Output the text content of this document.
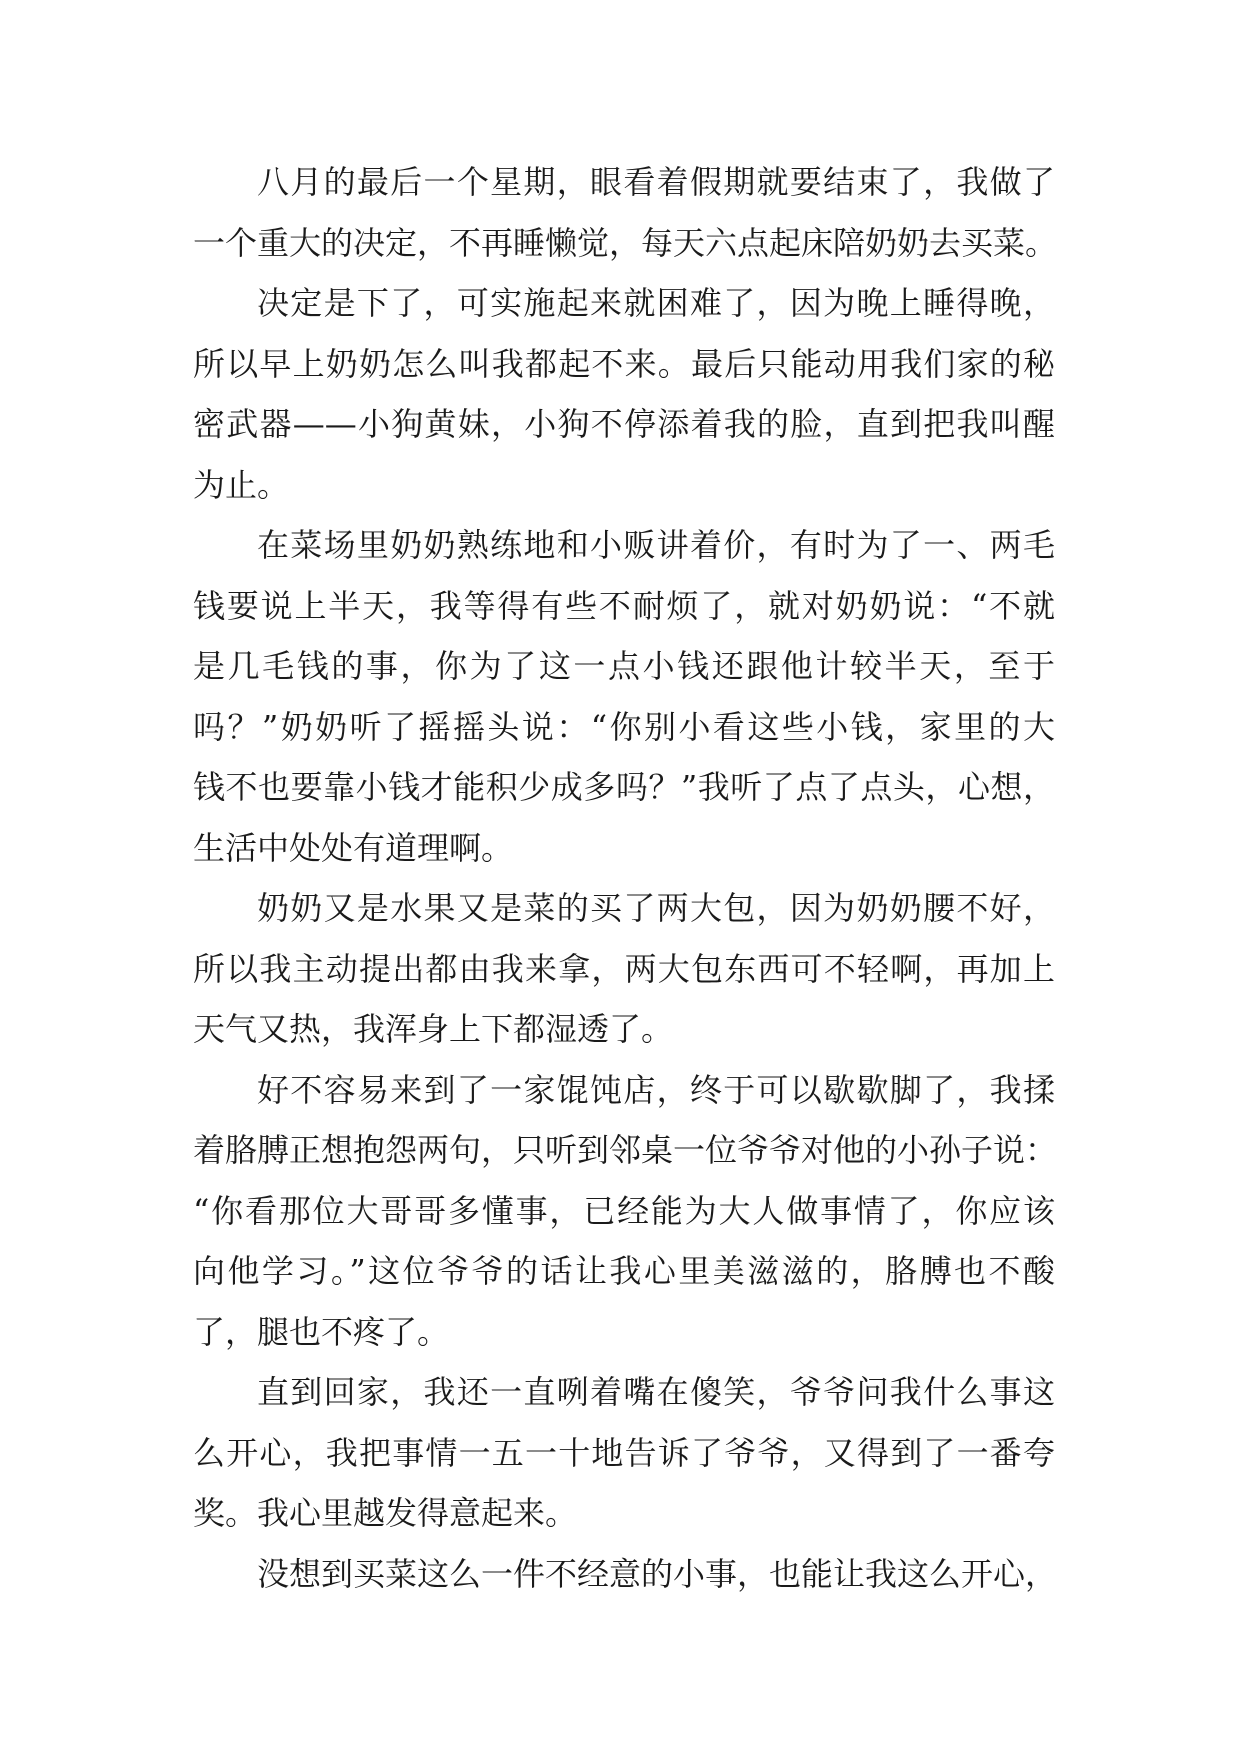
八月的最后一个星期，眼看着假期就要结束了，我做了
一个重大的决定，不再睡懒觉，每天六点起床陪奶奶去买菜。
决定是下了，可实施起来就困难了，因为晚上睡得晚，
所以早上奶奶怎么叫我都起不来。最后只能动用我们家的秘
密武器——小狗黄妹，小狗不停添着我的脸，直到把我叫醒
为止。
在菜场里奶奶熟练地和小贩讲着价，有时为了一、两毛
钱要说上半天，我等得有些不耐烦了，就对奶奶说：“不就
是几毛钱的事，你为了这一点小钱还跟他计较半天，至于
吗？”奶奶听了摇摇头说：“你别小看这些小钱，家里的大
钱不也要靠小钱才能积少成多吗？”我听了点了点头，心想，
生活中处处有道理啊。
奶奶又是水果又是菜的买了两大包，因为奶奶腰不好，
所以我主动提出都由我来拿，两大包东西可不轻啊，再加上
天气又热，我浑身上下都湿透了。
好不容易来到了一家馄饨店，终于可以歇歇脚了，我揉
着胳膊正想抱怨两句，只听到邻桌一位爷爷对他的小孙子说：
“你看那位大哥哥多懂事，已经能为大人做事情了，你应该
向他学习。”这位爷爷的话让我心里美滋滋的，胳膊也不酸
了，腿也不疼了。
直到回家，我还一直咧着嘴在傻笑，爷爷问我什么事这
么开心，我把事情一五一十地告诉了爷爷，又得到了一番夸
奖。我心里越发得意起来。
没想到买菜这么一件不经意的小事，也能让我这么开心，
